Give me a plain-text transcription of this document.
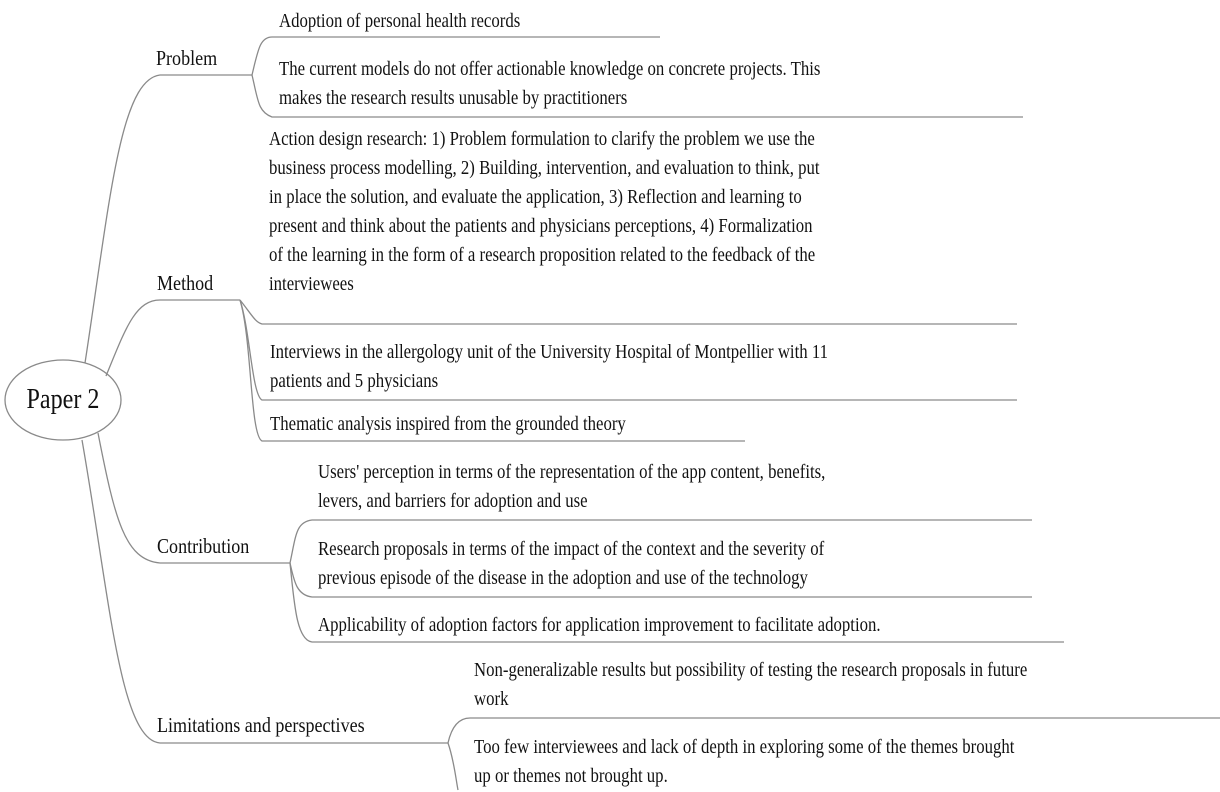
Paper 2
Problem
Adoption of personal health records
The current models do not offer actionable knowledge on concrete projects. This
makes the research results unusable by practitioners
Method
Action design research: 1) Problem formulation to clarify the problem we use the
business process modelling, 2) Building, intervention, and evaluation to think, put
in place the solution, and evaluate the application, 3) Reflection and learning to
present and think about the patients and physicians perceptions, 4) Formalization
of the learning in the form of a research proposition related to the feedback of the
interviewees
Interviews in the allergology unit of the University Hospital of Montpellier with 11
patients and 5 physicians
Thematic analysis inspired from the grounded theory
Contribution
Users' perception in terms of the representation of the app content, benefits,
levers, and barriers for adoption and use
Research proposals in terms of the impact of the context and the severity of
previous episode of the disease in the adoption and use of the technology
Applicability of adoption factors for application improvement to facilitate adoption.
Limitations and perspectives
Non-generalizable results but possibility of testing the research proposals in future
work
Too few interviewees and lack of depth in exploring some of the themes brought
up or themes not brought up.
